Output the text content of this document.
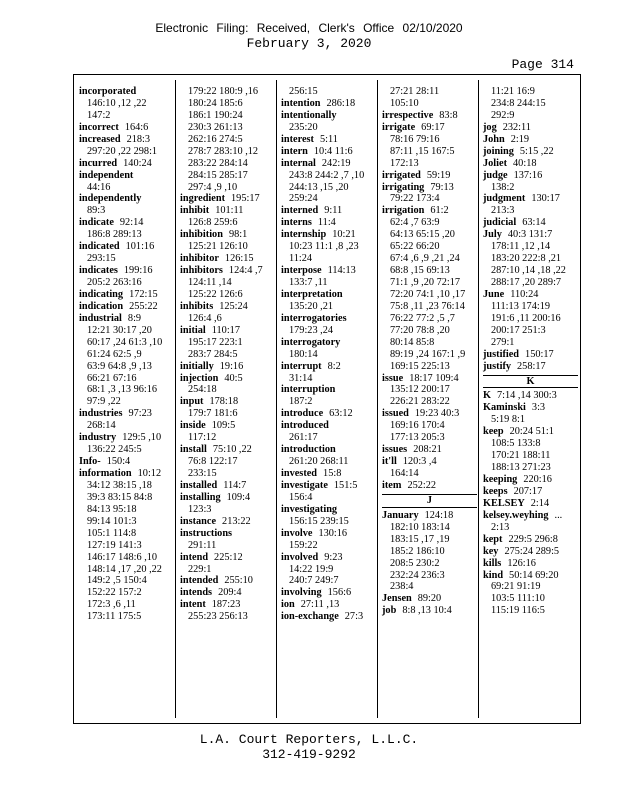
Electronic Filing: Received, Clerk's Office 02/10/2020
February 3, 2020
Page 314
incorporated
146:10 ,12 ,22
147:2
incorrect 164:6
increased 218:3
297:20 ,22 298:1
incurred 140:24
independent
44:16
independently
89:3
indicate 92:14
186:8 289:13
indicated 101:16
293:15
indicates 199:16
205:2 263:16
indicating 172:15
indication 255:22
industrial 8:9
12:21 30:17 ,20
60:17 ,24 61:3 ,10
61:24 62:5 ,9
63:9 64:8 ,9 ,13
66:21 67:16
68:1 ,3 ,13 96:16
97:9 ,22
industries 97:23
268:14
industry 129:5 ,10
136:22 245:5
Info- 150:4
information 10:12
34:12 38:15 ,18
39:3 83:15 84:8
84:13 95:18
99:14 101:3
105:1 114:8
127:19 141:3
146:17 148:6 ,10
148:14 ,17 ,20 ,22
149:2 ,5 150:4
152:22 157:2
172:3 ,6 ,11
173:11 175:5
179:22 180:9 ,16
180:24 185:6
186:1 190:24
230:3 261:13
262:16 274:5
278:7 283:10 ,12
283:22 284:14
284:15 285:17
297:4 ,9 ,10
ingredient 195:17
inhibit 101:11
126:8 259:6
inhibition 98:1
125:21 126:10
inhibitor 126:15
inhibitors 124:4 ,7
124:11 ,14
125:22 126:6
inhibits 125:24
126:4 ,6
initial 110:17
195:17 223:1
283:7 284:5
initially 19:16
injection 40:5
254:18
input 178:18
179:7 181:6
inside 109:5
117:12
install 75:10 ,22
76:8 122:17
233:15
installed 114:7
installing 109:4
123:3
instance 213:22
instructions
291:11
intend 225:12
229:1
intended 255:10
intends 209:4
intent 187:23
255:23 256:13
256:15
intention 286:18
intentionally
235:20
interest 5:11
intern 10:4 11:6
internal 242:19
243:8 244:2 ,7 ,10
244:13 ,15 ,20
259:24
interned 9:11
interns 11:4
internship 10:21
10:23 11:1 ,8 ,23
11:24
interpose 114:13
133:7 ,11
interpretation
135:20 ,21
interrogatories
179:23 ,24
interrogatory
180:14
interrupt 8:2
31:14
interruption
187:2
introduce 63:12
introduced
261:17
introduction
261:20 268:11
invested 15:8
investigate 151:5
156:4
investigating
156:15 239:15
involve 130:16
159:22
involved 9:23
14:22 19:9
240:7 249:7
involving 156:6
ion 27:11 ,13
ion-exchange 27:3
27:21 28:11
105:10
irrespective 83:8
irrigate 69:17
78:16 79:16
87:11 ,15 167:5
172:13
irrigated 59:19
irrigating 79:13
79:22 173:4
irrigation 61:2
62:4 ,7 63:9
64:13 65:15 ,20
65:22 66:20
67:4 ,6 ,9 ,21 ,24
68:8 ,15 69:13
71:1 ,9 ,20 72:17
72:20 74:1 ,10 ,17
75:8 ,11 ,23 76:14
76:22 77:2 ,5 ,7
77:20 78:8 ,20
80:14 85:8
89:19 ,24 167:1 ,9
169:15 225:13
issue 18:17 109:4
135:12 200:17
226:21 283:22
issued 19:23 40:3
169:16 170:4
177:13 205:3
issues 208:21
it'll 120:3 ,4
164:14
item 252:22
J
January 124:18
182:10 183:14
183:15 ,17 ,19
185:2 186:10
208:5 230:2
232:24 236:3
238:4
Jensen 89:20
job 8:8 ,13 10:4
11:21 16:9
234:8 244:15
292:9
jog 232:11
John 2:19
joining 5:15 ,22
Joliet 40:18
judge 137:16
138:2
judgment 130:17
213:3
judicial 63:14
July 40:3 131:7
178:11 ,12 ,14
183:20 222:8 ,21
287:10 ,14 ,18 ,22
288:17 ,20 289:7
June 110:24
111:13 174:19
191:6 ,11 200:16
200:17 251:3
279:1
justified 150:17
justify 258:17
K
K 7:14 ,14 300:3
Kaminski 3:3
5:19 8:1
keep 20:24 51:1
108:5 133:8
170:21 188:11
188:13 271:23
keeping 220:16
keeps 207:17
KELSEY 2:14
kelsey.weyhing ...
2:13
kept 229:5 296:8
key 275:24 289:5
kills 126:16
kind 50:14 69:20
69:21 91:19
103:5 111:10
115:19 116:5
L.A. Court Reporters, L.L.C.
312-419-9292
